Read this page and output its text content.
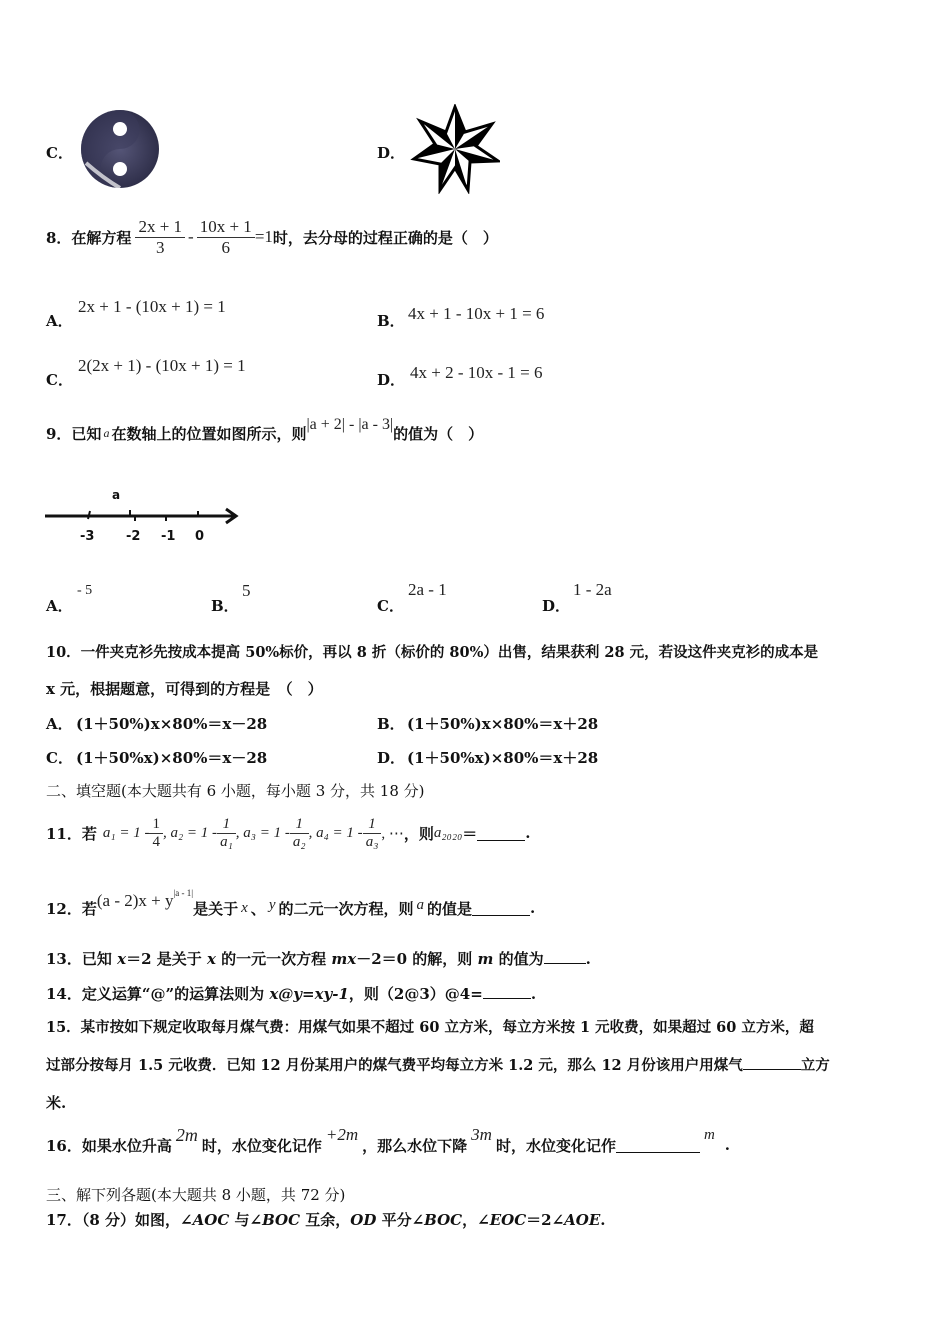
C．	D．
8．在解方程 $\frac{2x + 1}{3} - \frac{10x + 1}{6} =1$ 时，去分母的过程正确的是（　）
A．
2x + 1 - (10x + 1) = 1
B． 4x + 1 - 10x + 1 = 6
C．
2(2x + 1) - (10x + 1) = 1
D． 4x + 2 - 10x - 1 = 6
9．已知 a 在数轴上的位置如图所示，则 |a + 2| - |a - 3| 的值为（　）
a
-3 -2 -1 0
A．
- 5
B．
5
C．
2a - 1
D．
1 - 2a
10．一件夹克衫先按成本提高 50%标价，再以 8 折（标价的 80%）出售，结果获利 28 元，若设这件夹克衫的成本是
x 元，根据题意，可得到的方程是　（　）
A． (1＋50%)x×80%＝x－28	B． (1＋50%)x×80%＝x＋28
C． (1＋50%x)×80%＝x－28	D． (1＋50%x)×80%＝x＋28
二、填空题(本大题共有 6 小题，每小题 3 分，共 18 分)
11．若 $a_1 = 1 - \frac{1}{4}$ , $a_2 = 1 - \frac{1}{\text{a₁}}$ , $a_3 = 1 - \frac{1}{\text{a₂}}$ , $a_4 = 1 - \frac{1}{\text{a₃}}$ , ⋯ ，则 a₂₀₂₀ ＝	.
12．若 (a - 2)x + y |a - 1|
是关于 x 、 y 的二元一次方程，则 a 的值是	.
13．已知 x＝2 是关于 x 的一元一次方程 mx－2＝0 的解，则 m 的值为	.
14．定义运算“@”的运算法则为 x@y=xy-1，则（2@3）@4=	.
15．某市按如下规定收取每月煤气费：用煤气如果不超过 60 立方米，每立方米按 1 元收费，如果超过 60 立方米，超
过部分按每月 1.5 元收费．已知 12 月份某用户的煤气费平均每立方米 1.2 元，那么 12 月份该用户用煤气	立方
米.
16．如果水位升高
2m
时，水位变化记作
+2m
，那么水位下降
3m
时，水位变化记作
m
.
三、解下列各题(本大题共 8 小题，共 72 分)
17．（8 分）如图，∠AOC 与∠BOC 互余，OD 平分∠BOC，∠EOC＝2∠AOE.
